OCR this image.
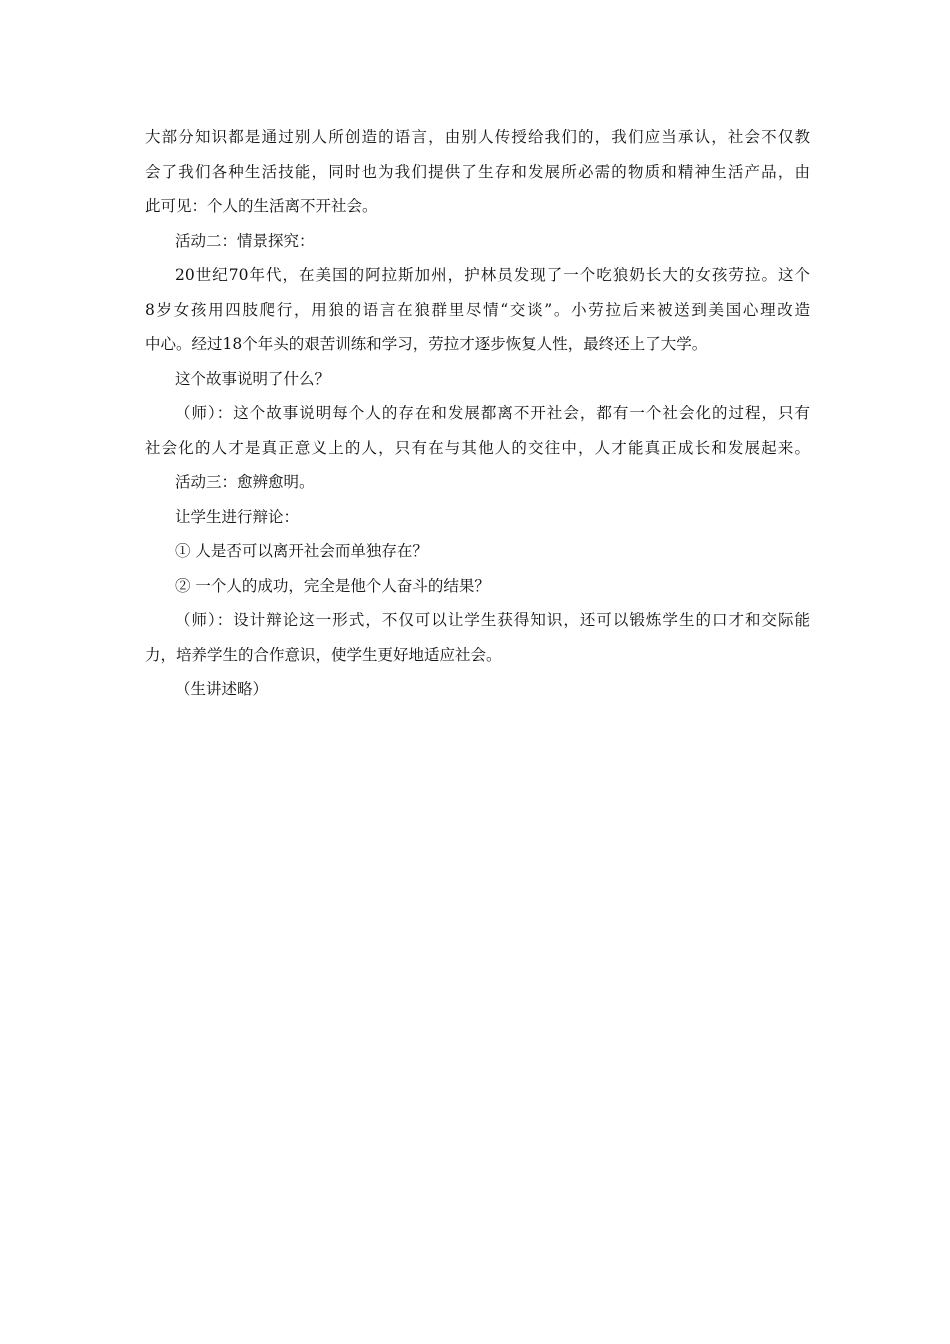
大部分知识都是通过别人所创造的语言，由别人传授给我们的，我们应当承认，社会不仅教
会了我们各种生活技能，同时也为我们提供了生存和发展所必需的物质和精神生活产品，由
此可见：个人的生活离不开社会。

活动二：情景探究：

20世纪70年代，在美国的阿拉斯加州，护林员发现了一个吃狼奶长大的女孩劳拉。这个
8岁女孩用四肢爬行，用狼的语言在狼群里尽情“交谈”。小劳拉后来被送到美国心理改造
中心。经过18个年头的艰苦训练和学习，劳拉才逐步恢复人性，最终还上了大学。

这个故事说明了什么？

（师）：这个故事说明每个人的存在和发展都离不开社会，都有一个社会化的过程，只有
社会化的人才是真正意义上的人，只有在与其他人的交往中，人才能真正成长和发展起来。

活动三：愈辨愈明。

让学生进行辩论：

① 人是否可以离开社会而单独存在？

② 一个人的成功，完全是他个人奋斗的结果？

（师）：设计辩论这一形式，不仅可以让学生获得知识，还可以锻炼学生的口才和交际能
力，培养学生的合作意识，使学生更好地适应社会。

（生讲述略）
